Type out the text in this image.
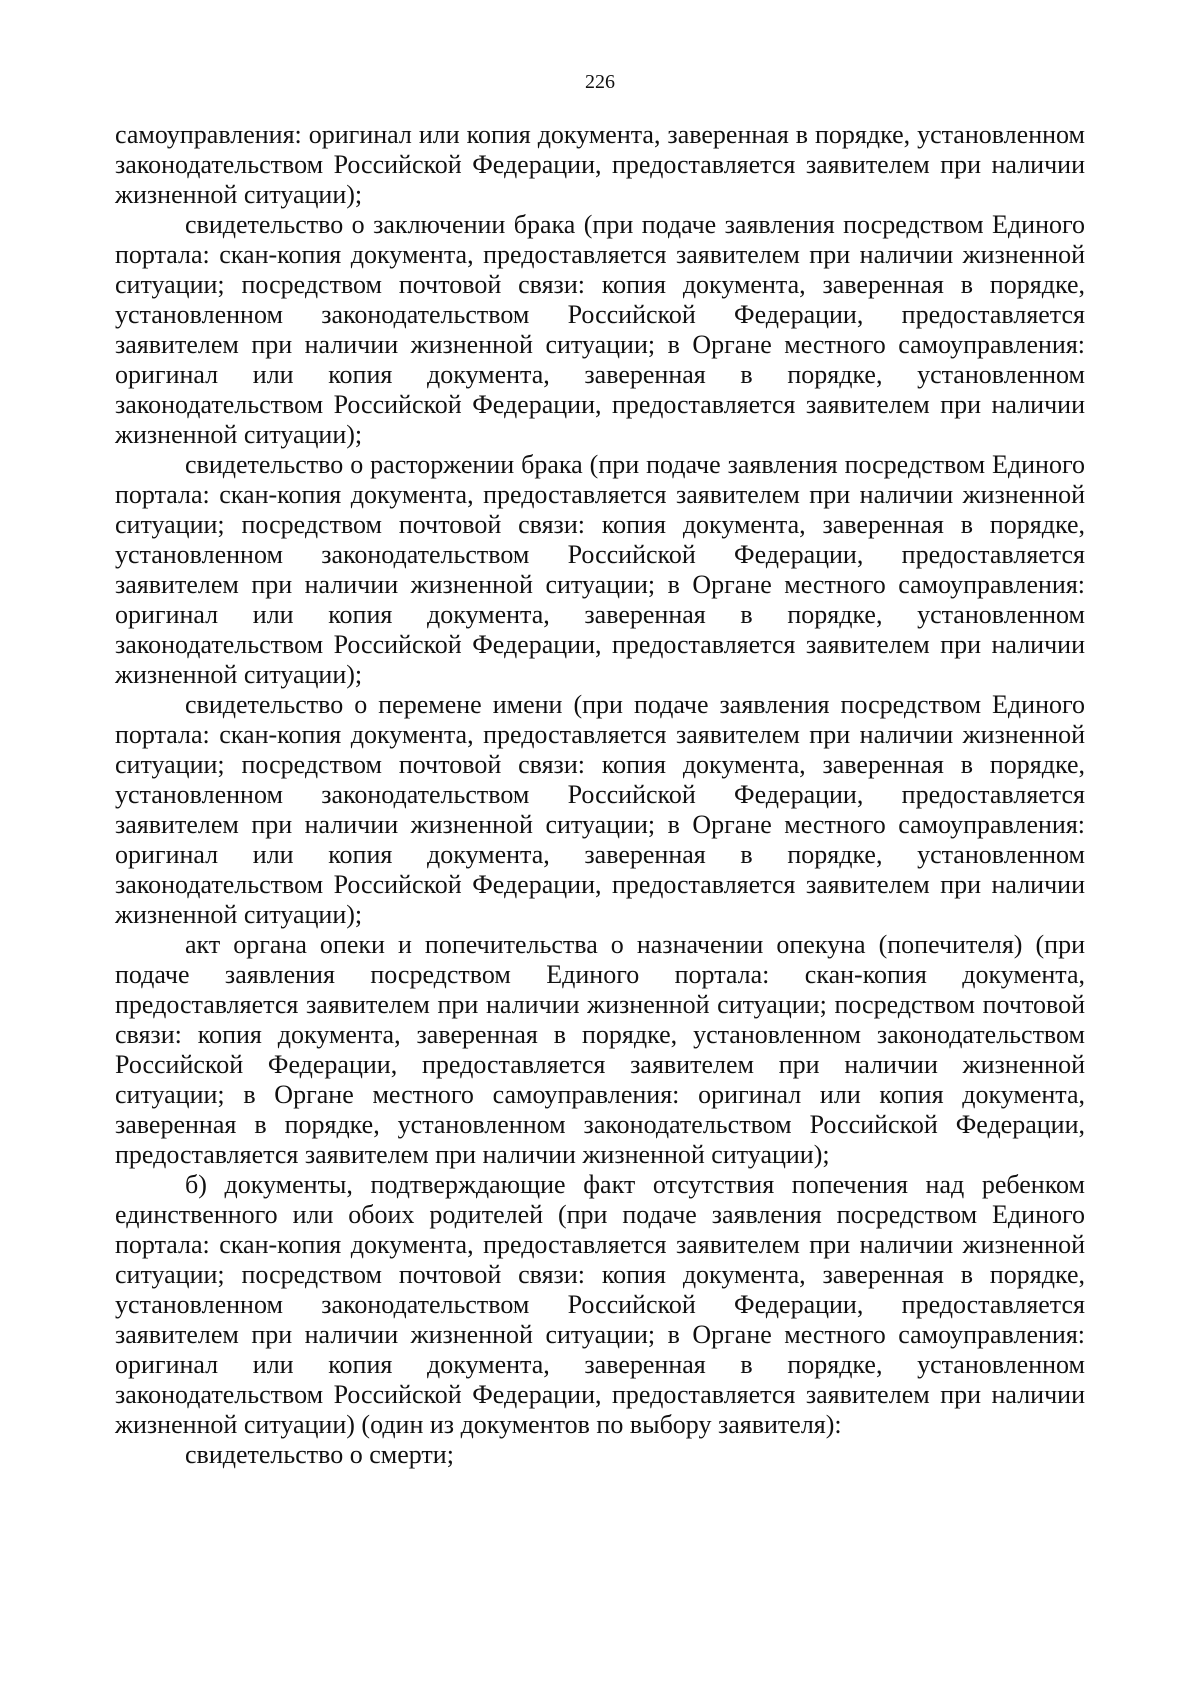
226

самоуправления: оригинал или копия документа, заверенная в порядке, установленном законодательством Российской Федерации, предоставляется заявителем при наличии жизненной ситуации);

свидетельство о заключении брака (при подаче заявления посредством Единого портала: скан-копия документа, предоставляется заявителем при наличии жизненной ситуации; посредством почтовой связи: копия документа, заверенная в порядке, установленном законодательством Российской Федерации, предоставляется заявителем при наличии жизненной ситуации; в Органе местного самоуправления: оригинал или копия документа, заверенная в порядке, установленном законодательством Российской Федерации, предоставляется заявителем при наличии жизненной ситуации);

свидетельство о расторжении брака (при подаче заявления посредством Единого портала: скан-копия документа, предоставляется заявителем при наличии жизненной ситуации; посредством почтовой связи: копия документа, заверенная в порядке, установленном законодательством Российской Федерации, предоставляется заявителем при наличии жизненной ситуации; в Органе местного самоуправления: оригинал или копия документа, заверенная в порядке, установленном законодательством Российской Федерации, предоставляется заявителем при наличии жизненной ситуации);

свидетельство о перемене имени (при подаче заявления посредством Единого портала: скан-копия документа, предоставляется заявителем при наличии жизненной ситуации; посредством почтовой связи: копия документа, заверенная в порядке, установленном законодательством Российской Федерации, предоставляется заявителем при наличии жизненной ситуации; в Органе местного самоуправления: оригинал или копия документа, заверенная в порядке, установленном законодательством Российской Федерации, предоставляется заявителем при наличии жизненной ситуации);

акт органа опеки и попечительства о назначении опекуна (попечителя) (при подаче заявления посредством Единого портала: скан-копия документа, предоставляется заявителем при наличии жизненной ситуации; посредством почтовой связи: копия документа, заверенная в порядке, установленном законодательством Российской Федерации, предоставляется заявителем при наличии жизненной ситуации; в Органе местного самоуправления: оригинал или копия документа, заверенная в порядке, установленном законодательством Российской Федерации, предоставляется заявителем при наличии жизненной ситуации);

б) документы, подтверждающие факт отсутствия попечения над ребенком единственного или обоих родителей (при подаче заявления посредством Единого портала: скан-копия документа, предоставляется заявителем при наличии жизненной ситуации; посредством почтовой связи: копия документа, заверенная в порядке, установленном законодательством Российской Федерации, предоставляется заявителем при наличии жизненной ситуации; в Органе местного самоуправления: оригинал или копия документа, заверенная в порядке, установленном законодательством Российской Федерации, предоставляется заявителем при наличии жизненной ситуации) (один из документов по выбору заявителя):

свидетельство о смерти;
